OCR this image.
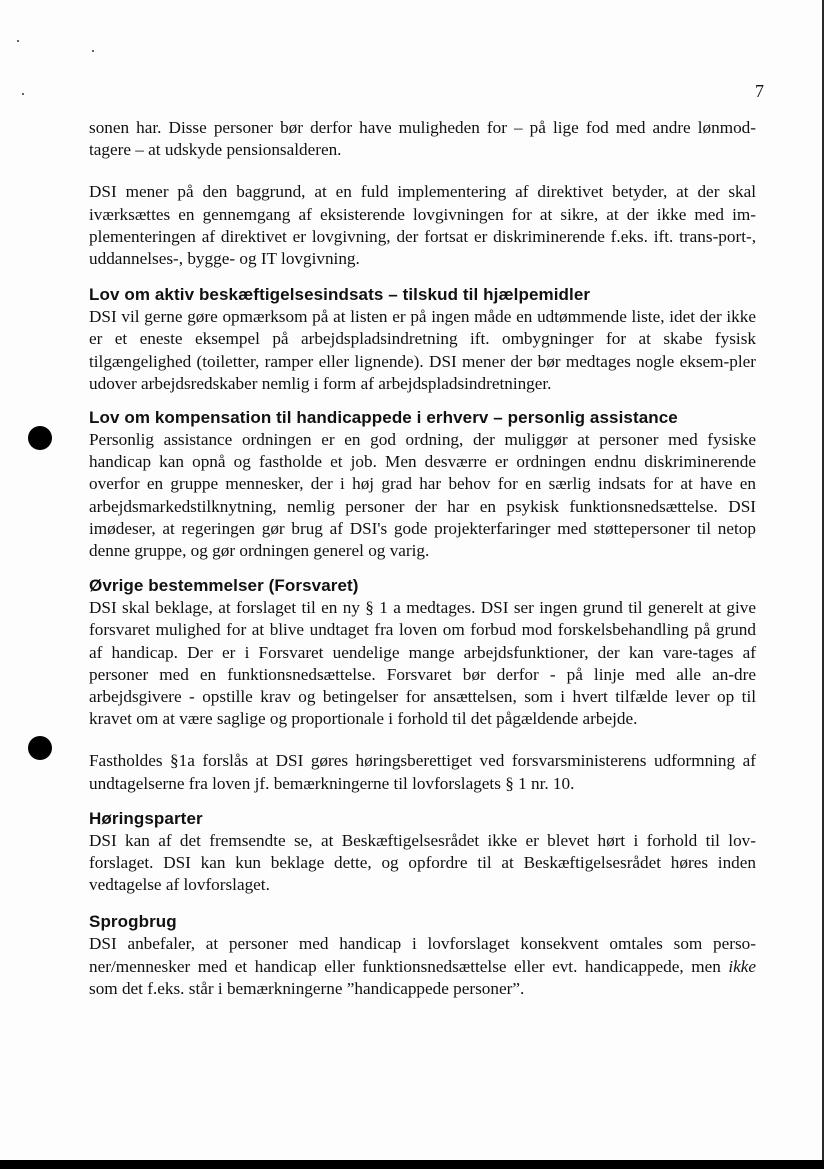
7

sonen har. Disse personer bør derfor have muligheden for – på lige fod med andre lønmod-tagere – at udskyde pensionsalderen.

DSI mener på den baggrund, at en fuld implementering af direktivet betyder, at der skal iværksættes en gennemgang af eksisterende lovgivningen for at sikre, at der ikke med im-plementeringen af direktivet er lovgivning, der fortsat er diskriminerende f.eks. ift. trans-port-, uddannelses-, bygge- og IT lovgivning.

Lov om aktiv beskæftigelsesindsats – tilskud til hjælpemidler

DSI vil gerne gøre opmærksom på at listen er på ingen måde en udtømmende liste, idet der ikke er et eneste eksempel på arbejdspladsindretning ift. ombygninger for at skabe fysisk tilgængelighed (toiletter, ramper eller lignende). DSI mener der bør medtages nogle eksem-pler udover arbejdsredskaber nemlig i form af arbejdspladsindretninger.

Lov om kompensation til handicappede i erhverv – personlig assistance

Personlig assistance ordningen er en god ordning, der muliggør at personer med fysiske handicap kan opnå og fastholde et job. Men desværre er ordningen endnu diskriminerende overfor en gruppe mennesker, der i høj grad har behov for en særlig indsats for at have en arbejdsmarkedstilknytning, nemlig personer der har en psykisk funktionsnedsættelse. DSI imødeser, at regeringen gør brug af DSI's gode projekterfaringer med støttepersoner til netop denne gruppe, og gør ordningen generel og varig.

Øvrige bestemmelser (Forsvaret)

DSI skal beklage, at forslaget til en ny § 1 a medtages. DSI ser ingen grund til generelt at give forsvaret mulighed for at blive undtaget fra loven om forbud mod forskelsbehandling på grund af handicap. Der er i Forsvaret uendelige mange arbejdsfunktioner, der kan vare-tages af personer med en funktionsnedsættelse. Forsvaret bør derfor - på linje med alle an-dre arbejdsgivere - opstille krav og betingelser for ansættelsen, som i hvert tilfælde lever op til kravet om at være saglige og proportionale i forhold til det pågældende arbejde.

Fastholdes §1a forslås at DSI gøres høringsberettiget ved forsvarsministerens udformning af undtagelserne fra loven jf. bemærkningerne til lovforslagets § 1 nr. 10.

Høringsparter

DSI kan af det fremsendte se, at Beskæftigelsesrådet ikke er blevet hørt i forhold til lov-forslaget. DSI kan kun beklage dette, og opfordre til at Beskæftigelsesrådet høres inden vedtagelse af lovforslaget.

Sprogbrug

DSI anbefaler, at personer med handicap i lovforslaget konsekvent omtales som perso-ner/mennesker med et handicap eller funktionsnedsættelse eller evt. handicappede, men ikke som det f.eks. står i bemærkningerne ”handicappede personer”.
